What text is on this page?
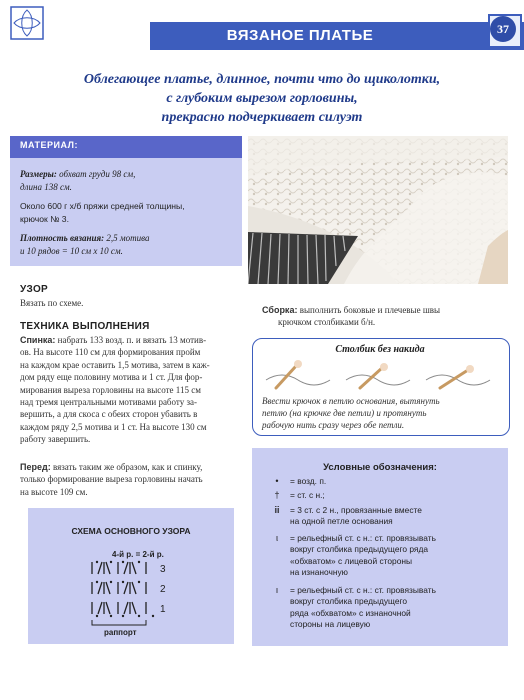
ВЯЗАНОЕ ПЛАТЬЕ	37
Облегающее платье, длинное, почти что до щиколотки,
с глубоким вырезом горловины,
прекрасно подчеркивает силуэт
МАТЕРИАЛ:
Размеры: обхват груди 98 см,
длина 138 см.
Около 600 г х/б пряжи средней толщины,
крючок № 3.
Плотность вязания: 2,5 мотива
и 10 рядов = 10 см х 10 см.
УЗОР
Вязать по схеме.
ТЕХНИКА ВЫПОЛНЕНИЯ
Спинка: набрать 133 возд. п. и вязать 13 мотив-
ов. На высоте 110 см для формирования пройм
на каждом крае оставить 1,5 мотива, затем в каж-
дом ряду еще половину мотива и 1 ст. Для фор-
мирования выреза горловины на высоте 115 см
над тремя центральными мотивами работу за-
вершить, а для скоса с обеих сторон убавить в
каждом ряду 2,5 мотива и 1 ст. На высоте 130 см
работу завершить.
Перед: вязать таким же образом, как и спинку,
только формирование выреза горловины начать
на высоте 109 см.
Сборка: выполнить боковые и плечевые швы
крючком столбиками б/н.
Столбик без накида
Ввести крючок в петлю основания, вытянуть
петлю (на крючке две петли) и протянуть
рабочую нить сразу через обе петли.
Условные обозначения:
•	= возд. п.
†	= ст. с н.;
ⅲ	= 3 ст. с 2 н., провязанные вместе
на одной петле основания
ι	= рельефный ст. с н.: ст. провязывать
вокруг столбика предыдущего ряда
«обхватом» с лицевой стороны
на изнаночную
ı	= рельефный ст. с н.: ст. провязывать
вокруг столбика предыдущего
ряда «обхватом» с изнаночной
стороны на лицевую
СХЕМА ОСНОВНОГО УЗОРА
4-й р. = 2-й р.
3
2
1
раппорт
